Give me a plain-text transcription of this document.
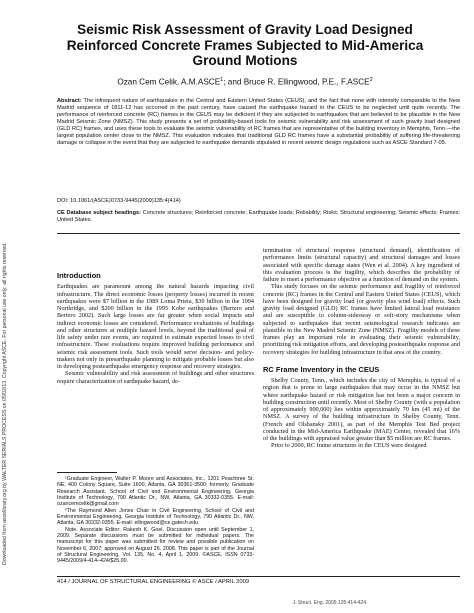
Downloaded from ascelibrary.org by WALTER SERIALS PROCESS on 05/02/13. Copyright ASCE. For personal use only; all rights reserved.
Seismic Risk Assessment of Gravity Load Designed
Reinforced Concrete Frames Subjected to Mid-America
Ground Motions
Ozan Cem Celik, A.M.ASCE$^1$; and Bruce R. Ellingwood, P.E., F.ASCE$^2$
Abstract: The infrequent nature of earthquakes in the Central and Eastern United States (CEUS), and the fact that none with intensity comparable to the New Madrid sequence of 1811-12 has occurred in the past century, have caused the earthquake hazard in the CEUS to be neglected until quite recently. The performance of reinforced concrete (RC) frames in the CEUS may be deficient if they are subjected to earthquakes that are believed to be plausible in the New Madrid Seismic Zone (NMSZ). This study presents a set of probability-based tools for seismic vulnerability and risk assessment of such gravity load designed (GLD RC) frames, and uses these tools to evaluate the seismic vulnerability of RC frames that are representative of the building inventory in Memphis, Tenn.—the largest population center close to the NMSZ. This evaluation indicates that traditional GLD RC frames have a substantial probability of suffering life-threatening damage or collapse in the event that they are subjected to earthquake demands stipulated in recent seismic design regulations such as ASCE Standard 7-05.
DOI: 10.1061/(ASCE)0733-9445(2009)135:4(414)
CE Database subject headings: Concrete structures; Reinforced concrete; Earthquake loads; Reliability; Risks; Structural engineering; Seismic effects; Frames; United States.
Introduction

Earthquakes are paramount among the natural hazards impacting civil infrastructure. The direct economic losses (property losses) incurred in recent earthquakes were $7 billion in the 1989 Loma Prieta, $30 billion in the 1994 Northridge, and $200 billion in the 1995 Kobe earthquakes (Bertero and Bertero 2002). Such large losses are far greater when social impacts and indirect economic losses are considered. Performance evaluations of buildings and other structures at multiple hazard levels, beyond the traditional goal of life safety under rare events, are required to estimate expected losses to civil infrastructure. These evaluations require improved building performance and seismic risk assessment tools. Such tools would serve decision- and policy-makers not only in preearthquake planning to mitigate probable losses but also in developing postearthquake emergency response and recovery strategies.

Seismic vulnerability and risk assessment of buildings and other structures require characterization of earthquake hazard, de-

¹Graduate Engineer, Walter P. Moore and Associates, Inc., 1201 Peachtree St. NE, 400 Colony Square, Suite 1600, Atlanta, GA 30361-3500; formerly, Graduate Research Assistant, School of Civil and Environmental Engineering, Georgia Institute of Technology, 790 Atlantic Dr., NW, Atlanta, GA 30332-0355. E-mail: ozancemcelik@gmail.com

²The Raymond Allen Jones Chair in Civil Engineering, School of Civil and Environmental Engineering, Georgia Institute of Technology, 790 Atlantic Dr., NW, Atlanta, GA 30332-0355. E-mail: ellingwood@ce.gatech.edu

Note. Associate Editor: Rakesh K. Goel. Discussion open until September 1, 2009. Separate discussions must be submitted for individual papers. The manuscript for this paper was submitted for review and possible publication on November 6, 2007; approved on August 26, 2008. This paper is part of the Journal of Structural Engineering, Vol. 135, No. 4, April 1, 2009. ©ASCE, ISSN 0733-9445/2009/4-414–424/$25.00.

termination of structural response (structural demand), identification of performance limits (structural capacity) and structural damages and losses associated with specific damage states (Wen et al. 2004). A key ingredient of this evaluation process is the fragility, which describes the probability of failure to meet a performance objective as a function of demand on the system.

This study focuses on the seismic performance and fragility of reinforced concrete (RC) frames in the Central and Eastern United States (CEUS), which have been designed for gravity load (or gravity plus wind load) effects. Such gravity load designed (GLD) RC frames have limited lateral load resistance and are susceptible to column-sidesway or soft-story mechanisms when subjected to earthquakes that recent seismological research indicates are plausible in the New Madrid Seismic Zone (NMSZ). Fragility models of these frames play an important role in evaluating their seismic vulnerability, prioritizing risk mitigation efforts, and developing postearthquake response and recovery strategies for building infrastructure in that area of the country.

RC Frame Inventory in the CEUS

Shelby County, Tenn., which includes the city of Memphis, is typical of a region that is prone to large earthquakes that may occur in the NMSZ but where earthquake hazard or risk mitigation has not been a major concern in building construction until recently. Most of Shelby County (with a population of approximately 900,000) lies within approximately 70 km (45 mi) of the NMSZ. A survey of the building infrastructure in Shelby County, Tenn. (French and Olshansky 2001), as part of the Memphis Test Bed project conducted in the Mid-America Earthquake (MAE) Center, revealed that 16% of the buildings with appraised value greater than $5 million are RC frames.

Prior to 2000, RC frame structures in the CEUS were designed

414 / JOURNAL OF STRUCTURAL ENGINEERING © ASCE / APRIL 2009
J. Struct. Eng. 2009.135:414-424.
